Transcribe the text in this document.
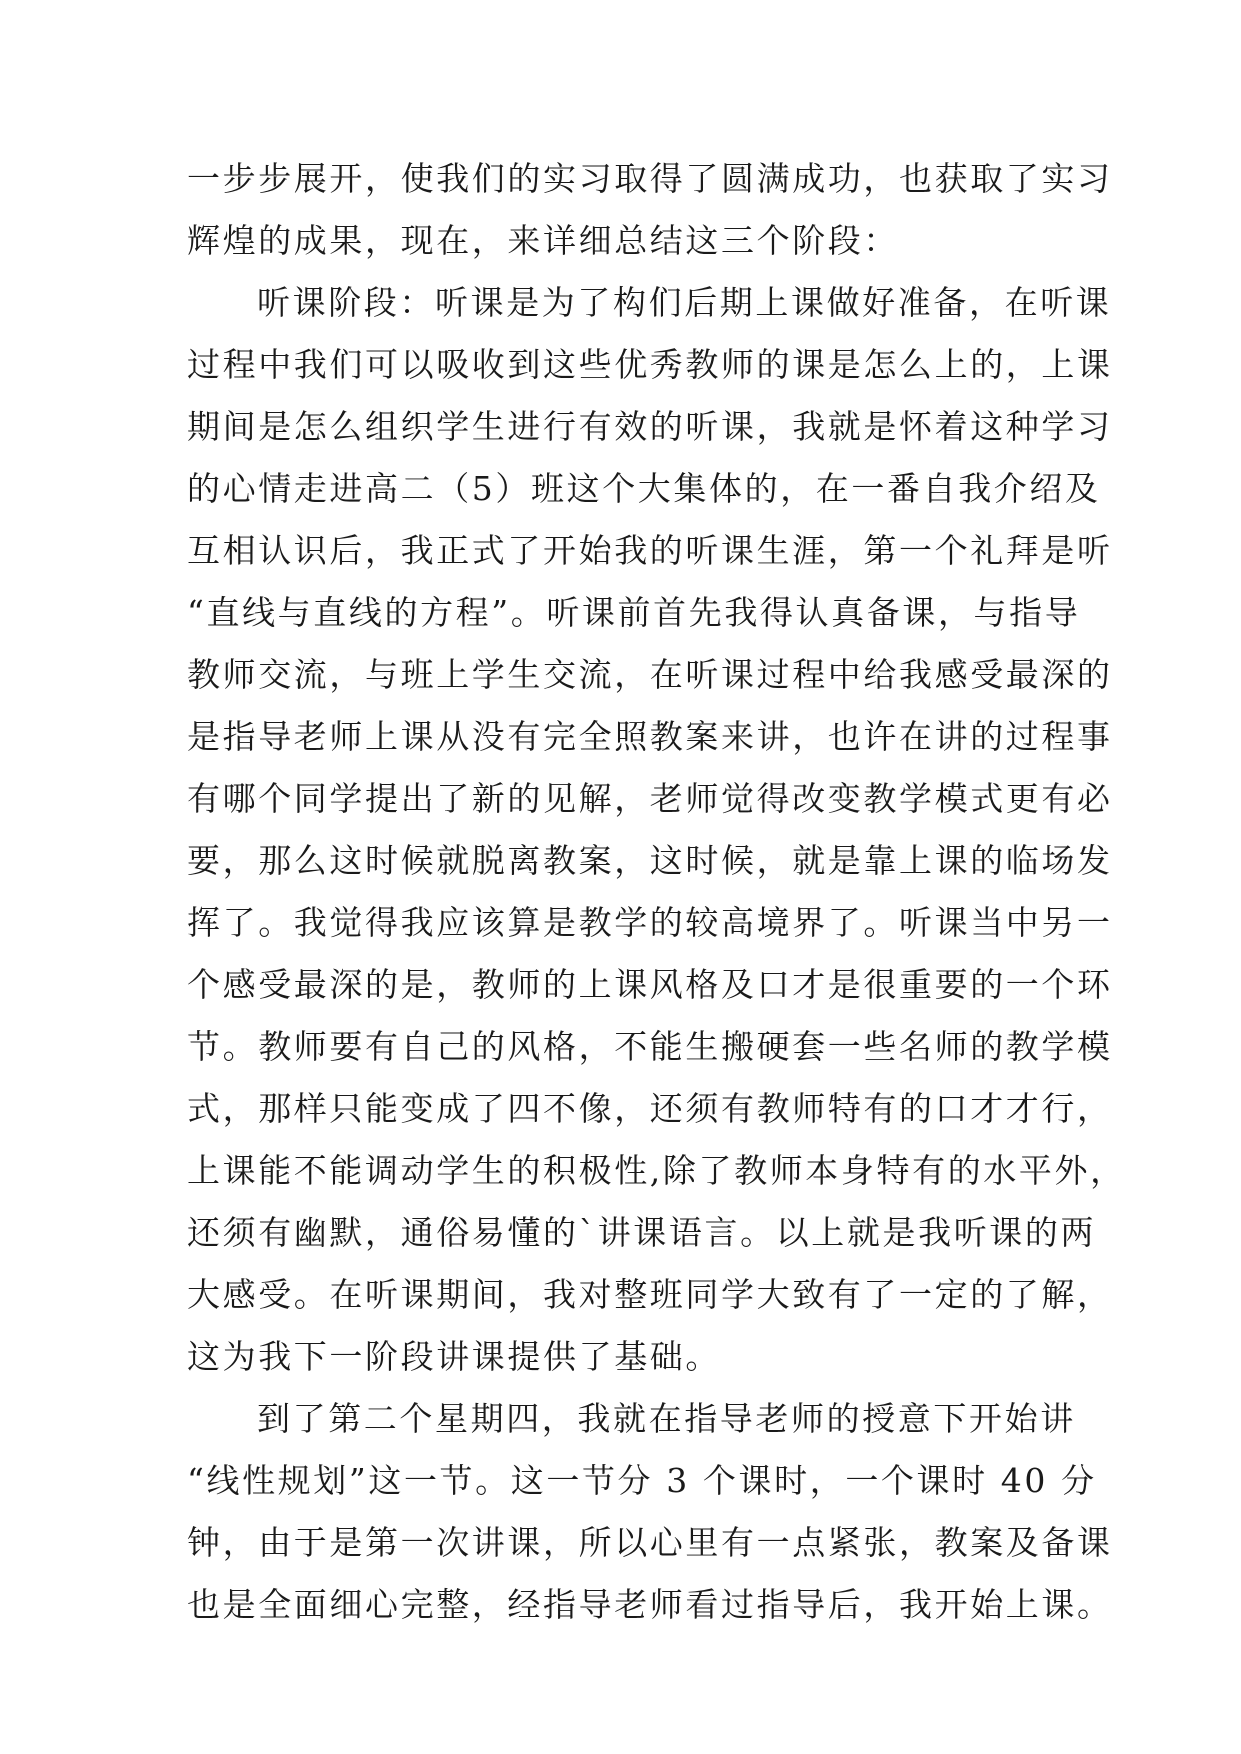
一步步展开，使我们的实习取得了圆满成功，也获取了实习
辉煌的成果，现在，来详细总结这三个阶段：
听课阶段：听课是为了构们后期上课做好准备，在听课
过程中我们可以吸收到这些优秀教师的课是怎么上的，上课
期间是怎么组织学生进行有效的听课，我就是怀着这种学习
的心情走进高二（5）班这个大集体的，在一番自我介绍及
互相认识后，我正式了开始我的听课生涯，第一个礼拜是听
“直线与直线的方程”。听课前首先我得认真备课，与指导
教师交流，与班上学生交流，在听课过程中给我感受最深的
是指导老师上课从没有完全照教案来讲，也许在讲的过程事
有哪个同学提出了新的见解，老师觉得改变教学模式更有必
要，那么这时候就脱离教案，这时候，就是靠上课的临场发
挥了。我觉得我应该算是教学的较高境界了。听课当中另一
个感受最深的是，教师的上课风格及口才是很重要的一个环
节。教师要有自己的风格，不能生搬硬套一些名师的教学模
式，那样只能变成了四不像，还须有教师特有的口才才行，
上课能不能调动学生的积极性,除了教师本身特有的水平外，
还须有幽默，通俗易懂的`讲课语言。以上就是我听课的两
大感受。在听课期间，我对整班同学大致有了一定的了解，
这为我下一阶段讲课提供了基础。
到了第二个星期四，我就在指导老师的授意下开始讲
“线性规划”这一节。这一节分 3 个课时，一个课时 40 分
钟，由于是第一次讲课，所以心里有一点紧张，教案及备课
也是全面细心完整，经指导老师看过指导后，我开始上课。
